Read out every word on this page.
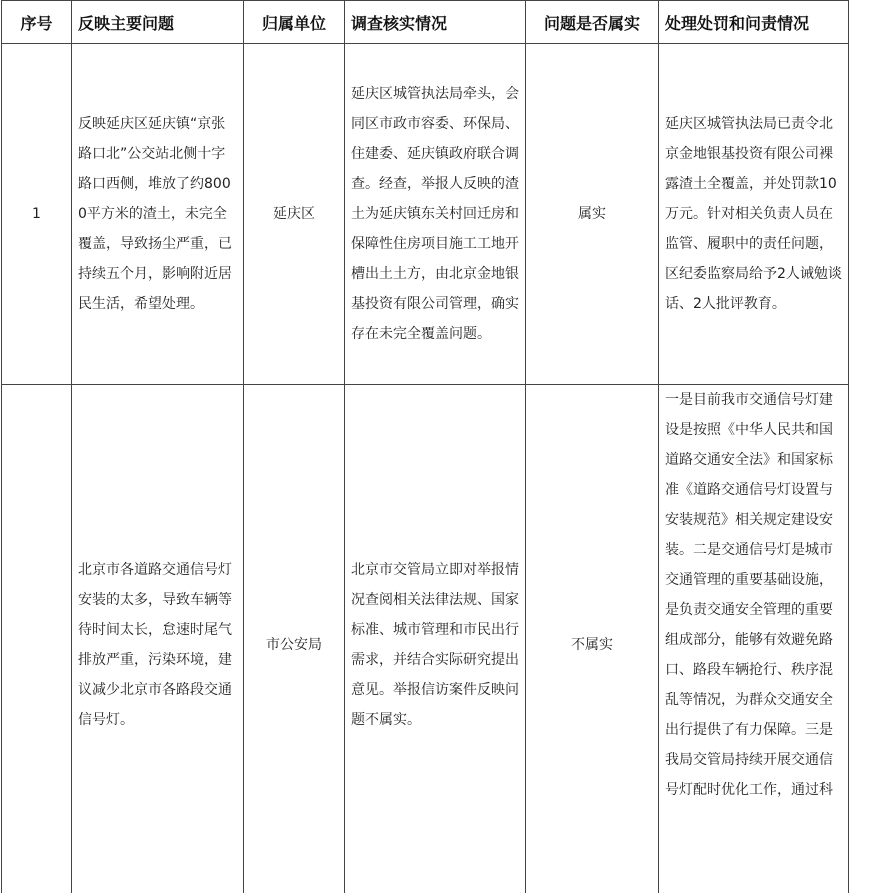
序号	反映主要问题	归属单位	调查核实情况	问题是否属实	处理处罚和问责情况

1	反映延庆区延庆镇“京张路口北”公交站北侧十字路口西侧，堆放了约8000平方米的渣土，未完全覆盖，导致扬尘严重，已持续五个月，影响附近居民生活，希望处理。	延庆区	延庆区城管执法局牵头，会同区市政市容委、环保局、住建委、延庆镇政府联合调查。经查，举报人反映的渣土为延庆镇东关村回迁房和保障性住房项目施工工地开槽出土土方，由北京金地银基投资有限公司管理，确实存在未完全覆盖问题。	属实	延庆区城管执法局已责令北京金地银基投资有限公司裸露渣土全覆盖，并处罚款10万元。针对相关负责人员在监管、履职中的责任问题，区纪委监察局给予2人诫勉谈话、2人批评教育。

	北京市各道路交通信号灯安装的太多，导致车辆等待时间太长，怠速时尾气排放严重，污染环境，建议减少北京市各路段交通信号灯。	市公安局	北京市交管局立即对举报情况查阅相关法律法规、国家标准、城市管理和市民出行需求，并结合实际研究提出意见。举报信访案件反映问题不属实。	不属实	一是目前我市交通信号灯建设是按照《中华人民共和国道路交通安全法》和国家标准《道路交通信号灯设置与安装规范》相关规定建设安装。二是交通信号灯是城市交通管理的重要基础设施，是负责交通安全管理的重要组成部分，能够有效避免路口、路段车辆抢行、秩序混乱等情况，为群众交通安全出行提供了有力保障。三是我局交管局持续开展交通信号灯配时优化工作，通过科
